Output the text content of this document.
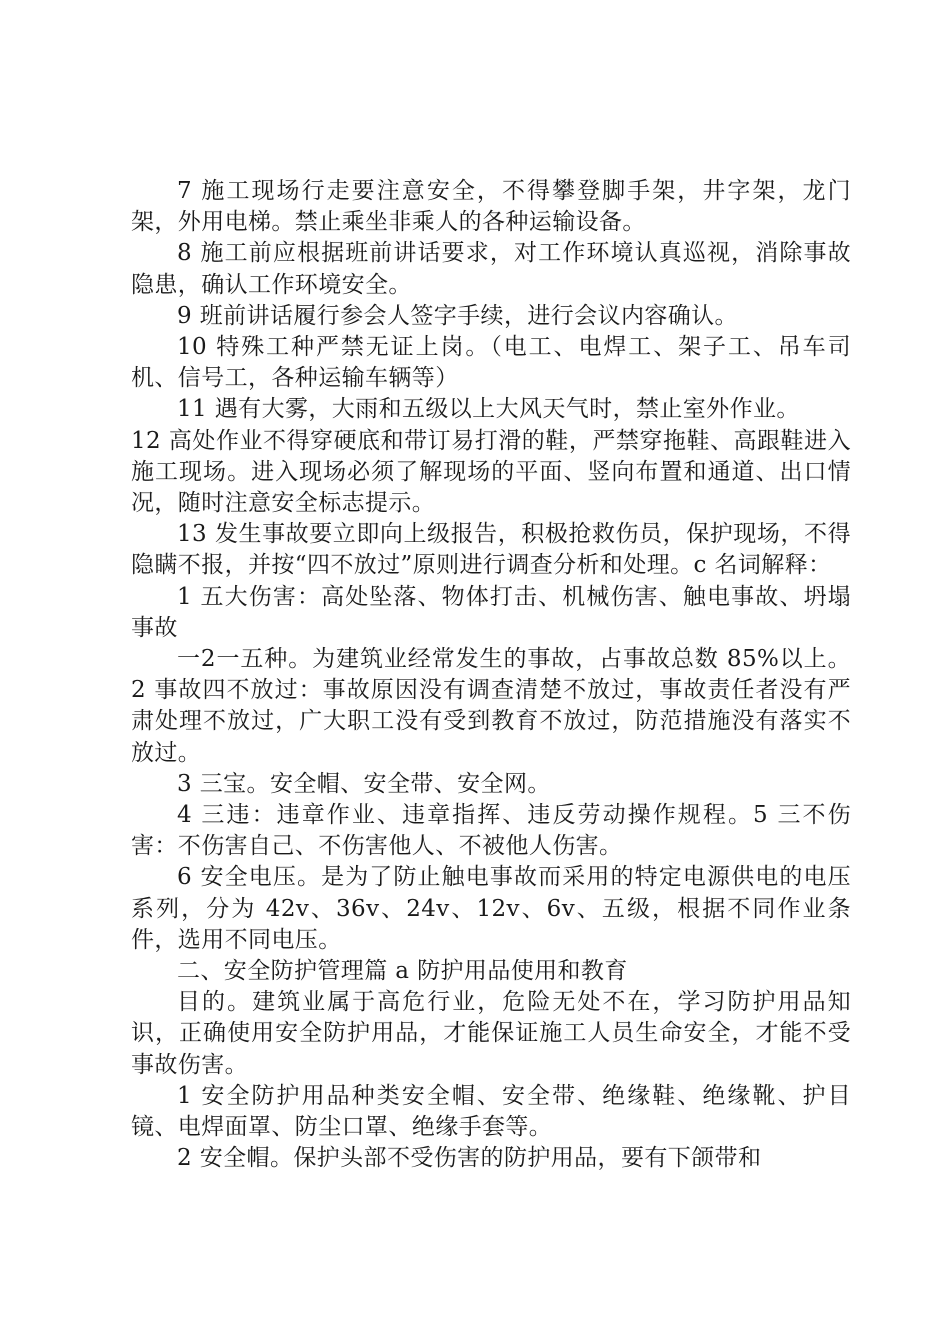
7 施工现场行走要注意安全，不得攀登脚手架，井字架，龙门架，外用电梯。禁止乘坐非乘人的各种运输设备。

8 施工前应根据班前讲话要求，对工作环境认真巡视，消除事故隐患，确认工作环境安全。

9 班前讲话履行参会人签字手续，进行会议内容确认。

10 特殊工种严禁无证上岗。（电工、电焊工、架子工、吊车司机、信号工，各种运输车辆等）

11 遇有大雾，大雨和五级以上大风天气时，禁止室外作业。

12 高处作业不得穿硬底和带订易打滑的鞋，严禁穿拖鞋、高跟鞋进入施工现场。进入现场必须了解现场的平面、竖向布置和通道、出口情况，随时注意安全标志提示。

13 发生事故要立即向上级报告，积极抢救伤员，保护现场，不得隐瞒不报，并按“四不放过”原则进行调查分析和处理。c 名词解释：

1 五大伤害：高处坠落、物体打击、机械伤害、触电事故、坍塌事故

一2一五种。为建筑业经常发生的事故，占事故总数 85%以上。2 事故四不放过：事故原因没有调查清楚不放过，事故责任者没有严肃处理不放过，广大职工没有受到教育不放过，防范措施没有落实不放过。

3 三宝。安全帽、安全带、安全网。

4 三违：违章作业、违章指挥、违反劳动操作规程。5 三不伤害：不伤害自己、不伤害他人、不被他人伤害。

6 安全电压。是为了防止触电事故而采用的特定电源供电的电压系列，分为 42v、36v、24v、12v、6v、五级，根据不同作业条件，选用不同电压。

二、安全防护管理篇 a 防护用品使用和教育

目的。建筑业属于高危行业，危险无处不在，学习防护用品知识，正确使用安全防护用品，才能保证施工人员生命安全，才能不受事故伤害。

1 安全防护用品种类安全帽、安全带、绝缘鞋、绝缘靴、护目镜、电焊面罩、防尘口罩、绝缘手套等。

2 安全帽。保护头部不受伤害的防护用品，要有下颌带和
